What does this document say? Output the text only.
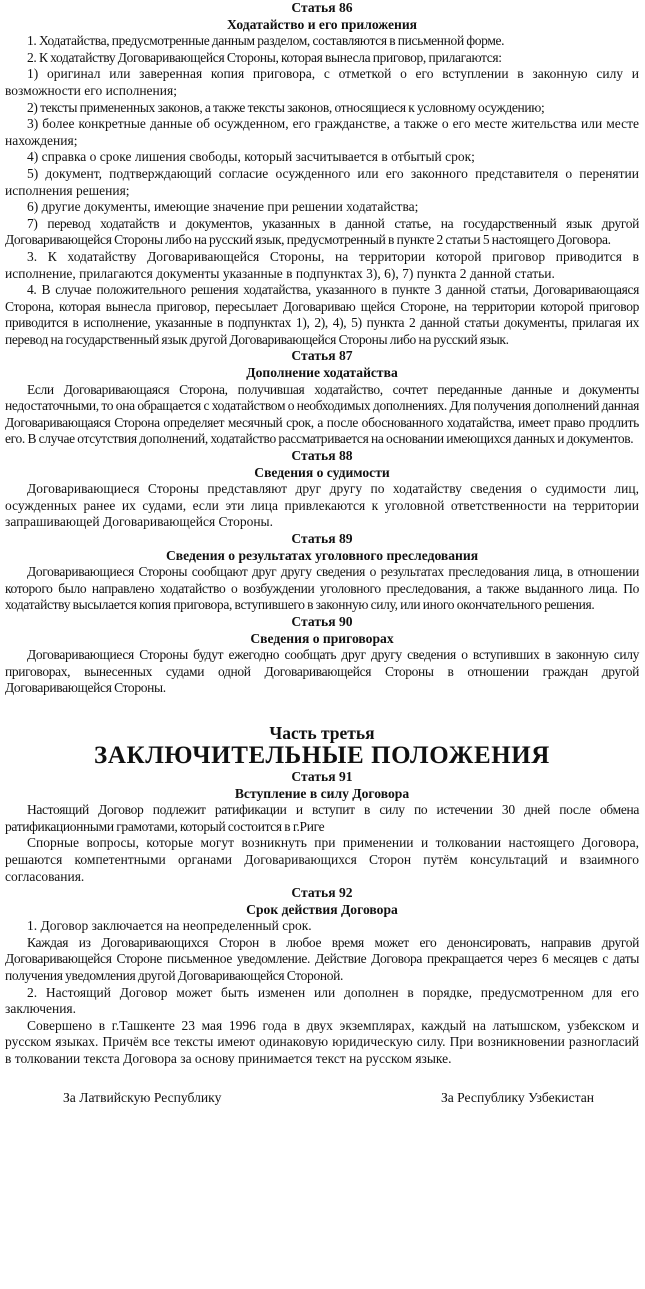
Статья 86
Ходатайство и его приложения

1. Ходатайства, предусмотренные данным разделом, составляются в письменной форме.

2. К ходатайству Договаривающейся Стороны, которая вынесла приговор, прилагаются:

1) оригинал или заверенная копия приговора, с отметкой о его вступлении в законную силу и возможности его исполнения;

2) тексты примененных законов, а также тексты законов, относящиеся к условному осуждению;

3) более конкретные данные об осужденном, его гражданстве, а также о его месте жительства или месте нахождения;

4) справка о сроке лишения свободы, который засчитывается в отбытый срок;

5) документ, подтверждающий согласие осужденного или его законного представителя о перенятии исполнения решения;

6) другие документы, имеющие значение при решении ходатайства;

7) перевод ходатайств и документов, указанных в данной статье, на государственный язык другой Договаривающейся Стороны либо на русский язык, предусмотренный в пункте 2 статьи 5 настоящего Договора.

3. К ходатайству Договаривающейся Стороны, на территории которой приговор приводится в исполнение, прилагаются документы указанные в подпунктах 3), 6), 7) пункта 2 данной статьи.

4. В случае положительного решения ходатайства, указанного в пункте 3 данной статьи, Договаривающаяся Сторона, которая вынесла приговор, пересылает Договариваю щейся Стороне, на территории которой приговор приводится в исполнение, указанные в подпунктах 1), 2), 4), 5) пункта 2 данной статьи документы, прилагая их перевод на государственный язык другой Договаривающейся Стороны либо на русский язык.

Статья 87
Дополнение ходатайства

Если Договаривающаяся Сторона, получившая ходатайство, сочтет переданные данные и документы недостаточными, то она обращается с ходатайством о необходимых дополнениях. Для получения дополнений данная Договаривающаяся Сторона определяет месячный срок, а после обоснованного ходатайства, имеет право продлить его. В случае отсутствия дополнений, ходатайство рассматривается на основании имеющихся данных и документов.

Статья 88
Сведения о судимости

Договаривающиеся Стороны представляют друг другу по ходатайству сведения о судимости лиц, осужденных ранее их судами, если эти лица привлекаются к уголовной ответственности на территории запрашивающей Договаривающейся Стороны.

Статья 89
Сведения о результатах уголовного преследования

Договаривающиеся Стороны сообщают друг другу сведения о результатах преследования лица, в отношении которого было направлено ходатайство о возбуждении уголовного преследования, а также выданного лица. По ходатайству высылается копия приговора, вступившего в законную силу, или иного окончательного решения.

Статья 90
Сведения о приговорах

Договаривающиеся Стороны будут ежегодно сообщать друг другу сведения о вступивших в законную силу приговорах, вынесенных судами одной Договаривающейся Стороны в отношении граждан другой Договаривающейся Стороны.

Часть третья
ЗАКЛЮЧИТЕЛЬНЫЕ ПОЛОЖЕНИЯ
Статья 91
Вступление в силу Договора

Настоящий Договор подлежит ратификации и вступит в силу по истечении 30 дней после обмена ратификационными грамотами, который состоится в г.Риге

Спорные вопросы, которые могут возникнуть при применении и толковании настоящего Договора, решаются компетентными органами Договаривающихся Сторон путём консультаций и взаимного согласования.

Статья 92
Срок действия Договора

1. Договор заключается на неопределенный срок.

Каждая из Договаривающихся Сторон в любое время может его денонсировать, направив другой Договаривающейся Стороне письменное уведомление. Действие Договора прекращается через 6 месяцев с даты получения уведомления другой Договаривающейся Стороной.

2. Настоящий Договор может быть изменен или дополнен в порядке, предусмотренном для его заключения.

Совершено в г.Ташкенте 23 мая 1996 года в двух экземплярах, каждый на латышском, узбекском и русском языках. Причём все тексты имеют одинаковую юридическую силу. При возникновении разногласий в толковании текста Договора за основу принимается текст на русском языке.

За Латвийскую Республику	За Республику Узбекистан
